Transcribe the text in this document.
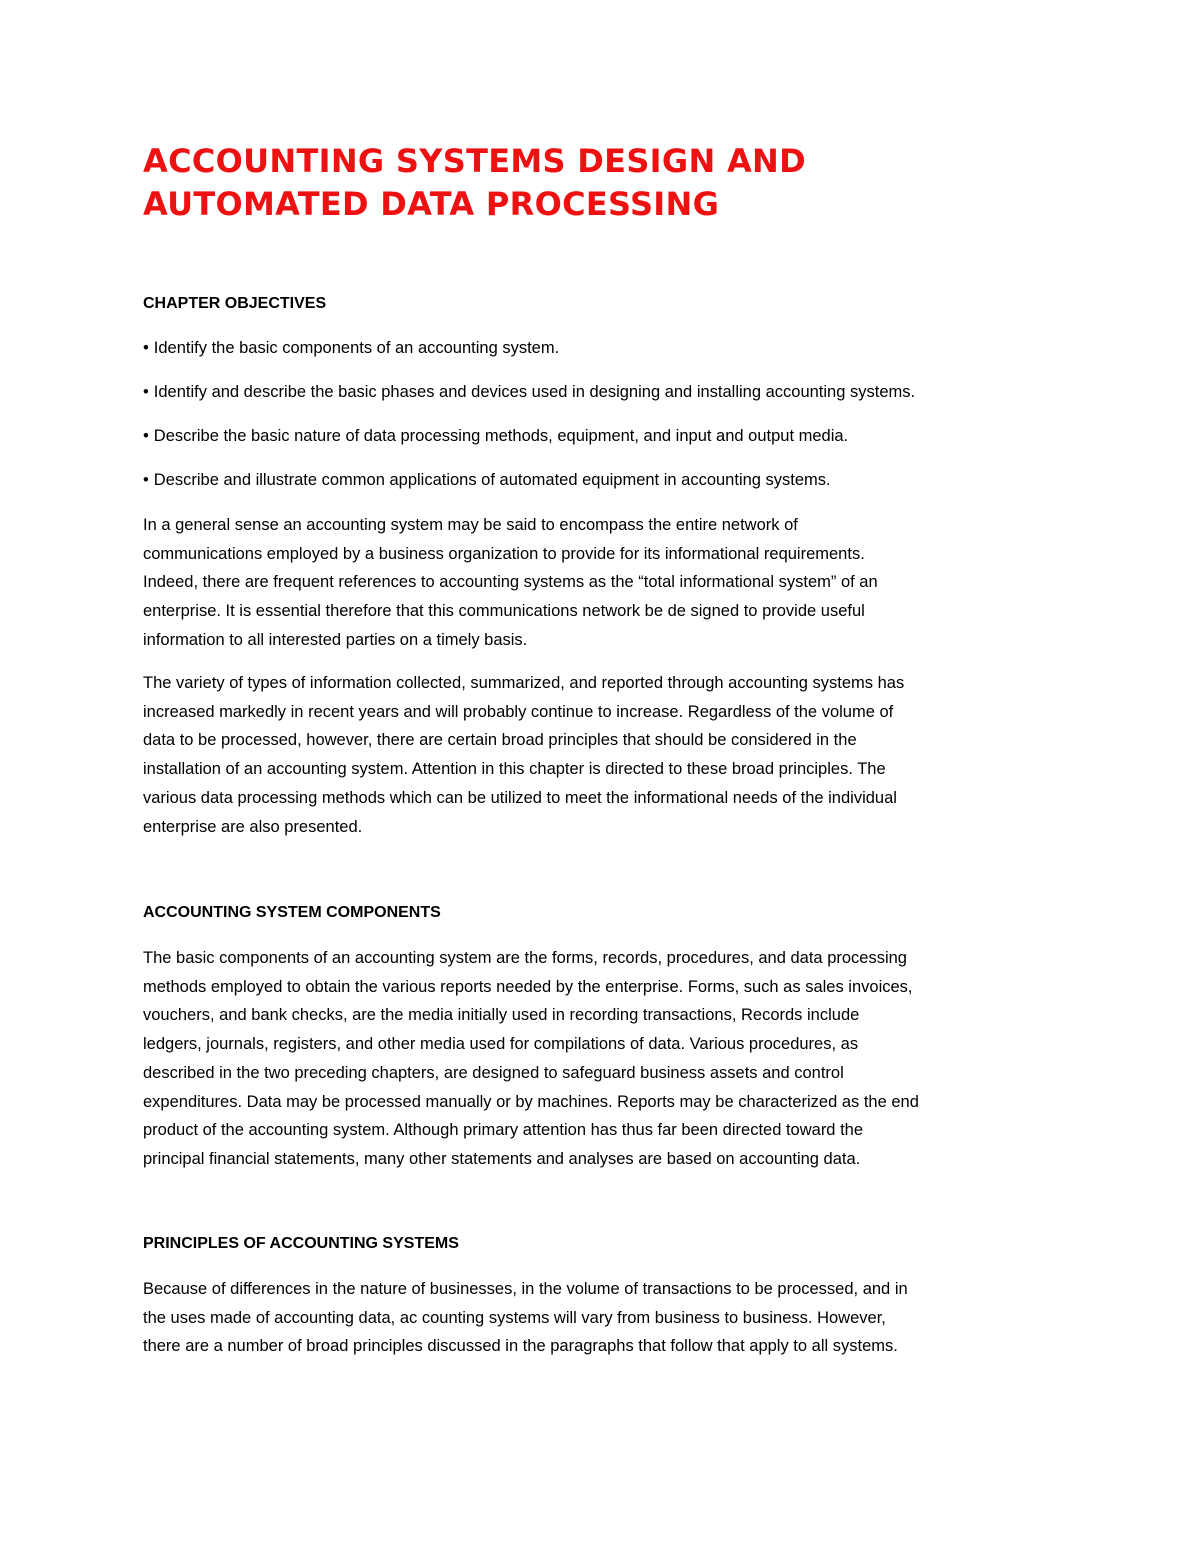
ACCOUNTING SYSTEMS DESIGN AND
AUTOMATED DATA PROCESSING
CHAPTER OBJECTIVES
• Identify the basic components of an accounting system.
• Identify and describe the basic phases and devices used in designing and installing accounting systems.
• Describe the basic nature of data processing methods, equipment, and input and output media.
• Describe and illustrate common applications of automated equipment in accounting systems.

In a general sense an accounting system may be said to encompass the entire network of
communications employed by a business organization to provide for its informational requirements.
Indeed, there are frequent references to accounting systems as the “total informational system” of an
enterprise. It is essential therefore that this communications network be de signed to provide useful
information to all interested parties on a timely basis.

The variety of types of information collected, summarized, and reported through accounting systems has
increased markedly in recent years and will probably continue to increase. Regardless of the volume of
data to be processed, however, there are certain broad principles that should be considered in the
installation of an accounting system. Attention in this chapter is directed to these broad principles. The
various data processing methods which can be utilized to meet the informational needs of the individual
enterprise are also presented.

ACCOUNTING SYSTEM COMPONENTS

The basic components of an accounting system are the forms, records, procedures, and data processing
methods employed to obtain the various reports needed by the enterprise. Forms, such as sales invoices,
vouchers, and bank checks, are the media initially used in recording transactions, Records include
ledgers, journals, registers, and other media used for compilations of data. Various procedures, as
described in the two preceding chapters, are designed to safeguard business assets and control
expenditures. Data may be processed manually or by machines. Reports may be characterized as the end
product of the accounting system. Although primary attention has thus far been directed toward the
principal financial statements, many other statements and analyses are based on accounting data.

PRINCIPLES OF ACCOUNTING SYSTEMS

Because of differences in the nature of businesses, in the volume of transactions to be processed, and in
the uses made of accounting data, ac counting systems will vary from business to business. However,
there are a number of broad principles discussed in the paragraphs that follow that apply to all systems.
